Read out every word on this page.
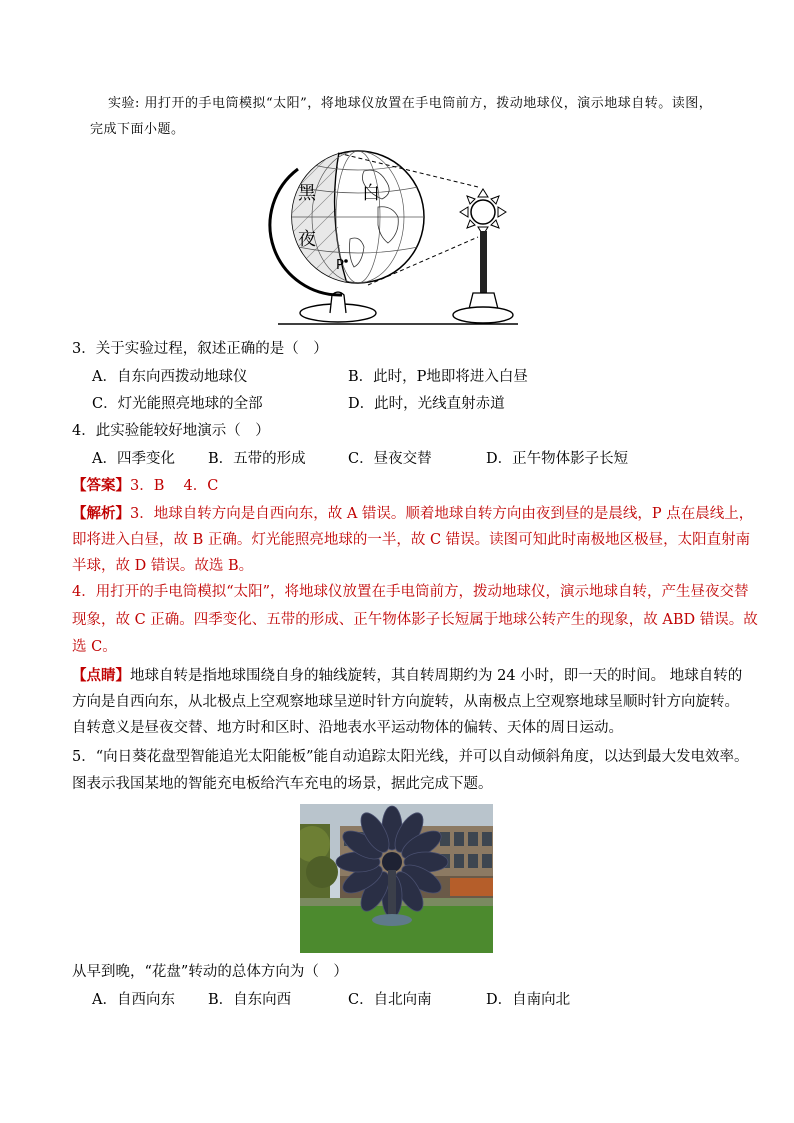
实验: 用打开的手电筒模拟“太阳”，将地球仪放置在手电筒前方，拨动地球仪，演示地球自转。读图，
完成下面小题。
黑
夜
白
P
3．关于实验过程，叙述正确的是（　）
A．自东向西拨动地球仪	B．此时，P地即将进入白昼
C．灯光能照亮地球的全部	D．此时，光线直射赤道
4．此实验能较好地演示（　）
A．四季变化 B．五带的形成	C．昼夜交替	D．正午物体影子长短
【答案】3．B　 4．C
【解析】3．地球自转方向是自西向东，故 A 错误。顺着地球自转方向由夜到昼的是晨线，P 点在晨线上，
即将进入白昼，故 B 正确。灯光能照亮地球的一半，故 C 错误。读图可知此时南极地区极昼，太阳直射南
半球，故 D 错误。故选 B。
4．用打开的手电筒模拟“太阳”，将地球仪放置在手电筒前方，拨动地球仪，演示地球自转，产生昼夜交替
现象，故 C 正确。四季变化、五带的形成、正午物体影子长短属于地球公转产生的现象，故 ABD 错误。故
选 C。
【点睛】地球自转是指地球围绕自身的轴线旋转，其自转周期约为 24 小时，即一天的时间。 地球自转的
方向是自西向东，从北极点上空观察地球呈逆时针方向旋转，从南极点上空观察地球呈顺时针方向旋转。
自转意义是昼夜交替、地方时和区时、沿地表水平运动物体的偏转、天体的周日运动。
5．“向日葵花盘型智能追光太阳能板”能自动追踪太阳光线，并可以自动倾斜角度，以达到最大发电效率。
图表示我国某地的智能充电板给汽车充电的场景，据此完成下题。
从早到晚，“花盘”转动的总体方向为（　）
A．自西向东 B．自东向西	C．自北向南	D．自南向北
